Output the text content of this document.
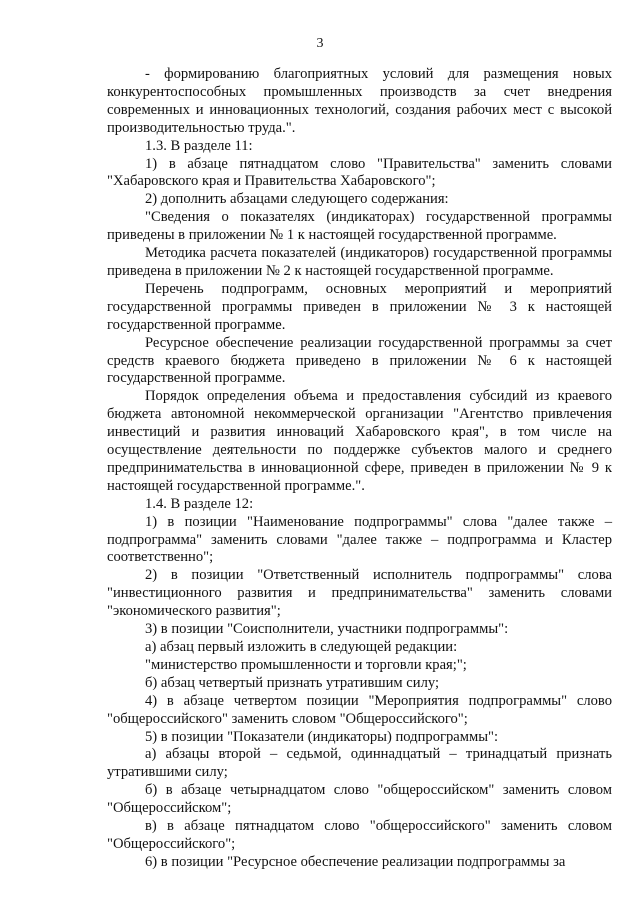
3

- формированию благоприятных условий для размещения новых конкурентоспособных промышленных производств за счет внедрения современных и инновационных технологий, создания рабочих мест с высокой производительностью труда.".

1.3. В разделе 11:

1) в абзаце пятнадцатом слово "Правительства" заменить словами "Хабаровского края и Правительства Хабаровского";

2) дополнить абзацами следующего содержания:

"Сведения о показателях (индикаторах) государственной программы приведены в приложении № 1 к настоящей государственной программе.

Методика расчета показателей (индикаторов) государственной программы приведена в приложении № 2 к настоящей государственной программе.

Перечень подпрограмм, основных мероприятий и мероприятий государственной программы приведен в приложении № 3 к настоящей государственной программе.

Ресурсное обеспечение реализации государственной программы за счет средств краевого бюджета приведено в приложении № 6 к настоящей государственной программе.

Порядок определения объема и предоставления субсидий из краевого бюджета автономной некоммерческой организации "Агентство привлечения инвестиций и развития инноваций Хабаровского края", в том числе на осуществление деятельности по поддержке субъектов малого и среднего предпринимательства в инновационной сфере, приведен в приложении № 9 к настоящей государственной программе.".

1.4. В разделе 12:

1) в позиции "Наименование подпрограммы" слова "далее также – подпрограмма" заменить словами "далее также – подпрограмма и Кластер соответственно";

2) в позиции "Ответственный исполнитель подпрограммы" слова "инвестиционного развития и предпринимательства" заменить словами "экономического развития";

3) в позиции "Соисполнители, участники подпрограммы":

а) абзац первый изложить в следующей редакции:

"министерство промышленности и торговли края;";

б) абзац четвертый признать утратившим силу;

4) в абзаце четвертом позиции "Мероприятия подпрограммы" слово "общероссийского" заменить словом "Общероссийского";

5) в позиции "Показатели (индикаторы) подпрограммы":

а) абзацы второй – седьмой, одиннадцатый – тринадцатый признать утратившими силу;

б) в абзаце четырнадцатом слово "общероссийском" заменить словом "Общероссийском";

в) в абзаце пятнадцатом слово "общероссийского" заменить словом "Общероссийского";

6) в позиции "Ресурсное обеспечение реализации подпрограммы за
